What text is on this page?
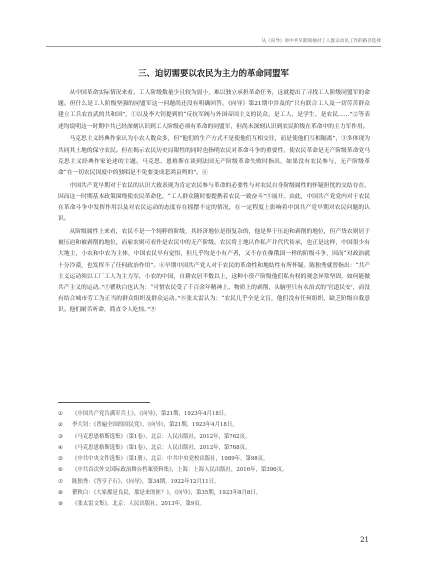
从《向导》看中共早期领袖对工人群众动员工作的路径选择
三、迫切需要以农民为主力的革命同盟军

从中国革命实际情况来看，工人阶级数量少且较为弱小，难以独立承担革命任务，这就提出了寻找工人阶级同盟军的命题。但什么是工人阶级坚强的同盟军这一问题尚还没有明确回答。《向导》第21期中涉及的“只有联合工人及一切劳苦群众建立工兵农直武的共和国”，①以及李大钊提到的“反抗军阀与外国帝国主义的民众，是工人、是学生、是农民……”②等表述均说明这一时期中共已经深刻认识到工人阶级必须有革命的同盟军，但尚未深刻认识到农民阶级在革命中的主力军作用。

马克思主义经典作家认为小农人数众多，但“他们的生产方式不是使他们互相交往，而是使他们互相隔离”，③多体现为共同其土地的保守农民。但在揭示农民历史局限性的同时也指明农民对革命斗争的重要性，使农民革命是无产阶级革命党马克思主义经典作家论述的主题。马克思、恩格斯在谈到法国无产阶级革命失败时指出，如果没有农民参与，无产阶级革命“在一切农民国度中的独唱是不免要变成悲鸿哀鸣的”。④

中国共产党早期对于农民的认识大致表现为肯定农民参与革命的必要性与对农民自身阶级属性的怀疑担忧的交结存在，因而这一时期基本政策围绕使农民革命化，“工人群众随时要提携着农民一致奋斗”⑤展开。由此，中国共产党党内对于农民在革命斗争中发挥作用以及对农民运动的态度存在摇摆不定的情况，在一定程度上影响着中国共产党早期对农民问题的认识。

从阶级属性上来看，农民不是一个纯粹的阶级，其经济地位是很复杂的，他是界于压迫和剥削的地位，但产货农则居于被压迫和被剥削的地位，而雇农则可看作是农民中的无产阶级。农民将土地认作私产并代代传承，也正是这样，中国很少有大地主，小农和中农为主体，中国农民早有觉悟，但几乎均是小有产者，又不存在像俄国一样的阶级斗争，因而“对政治就十分冷漠，也发挥不了任何政治作用”。⑥早期中国共产党人对于农民的革命性和地结性有所怀疑。陈独秀就曾指出：“共产主义运动须以工厂工人为主力军，小农的中国，自耕农居半数以上，这种小资产阶级他们私有权的观念异常坚固，如何能做共产主义的运动。”⑦瞿秋白也认为：“可惜农民受了千百余年精神上、物质上的剥削，头脑里只有永治式的‘官道民安’，而没有结合城市劳工为正当的群众组织及群众运动。”⑧张太雷认为：“农民几乎全是文盲，他们没有任何组织，缺乏阶级自我意识。他们耐苦听命，简直令人吃惊。”⑨

① 《中国共产党告满军兵士》，《向导》，第21期，1923年4月18日。
② 李大钊：《普遍全国的国民党》，《向导》，第21期，1923年4月18日。
③ 《马克思恩格斯选集》（第1卷），北京：人民出版社，2012年，第762页。
④ 《马克思恩格斯选集》（第1卷），北京：人民出版社，2012年，第768页。
⑤ 《中共中央文件选集》（第1册），北京：中共中央党校出版社，1989年，第98页。
⑥ 《中共首次外交国际政治舞台档案资料集》，上海：上海人民出版社，2016年，第396页。
⑦ 陈独秀：《答亨子石》，《向导》，第34期，1922年12月11日。
⑧ 瞿秋白：《大家都是良民，那是来的匪？》，《向导》，第35期，1923年8月8日。
⑨ 《张太雷文集》，北京：人民出版社，2013年，第9页。
21
